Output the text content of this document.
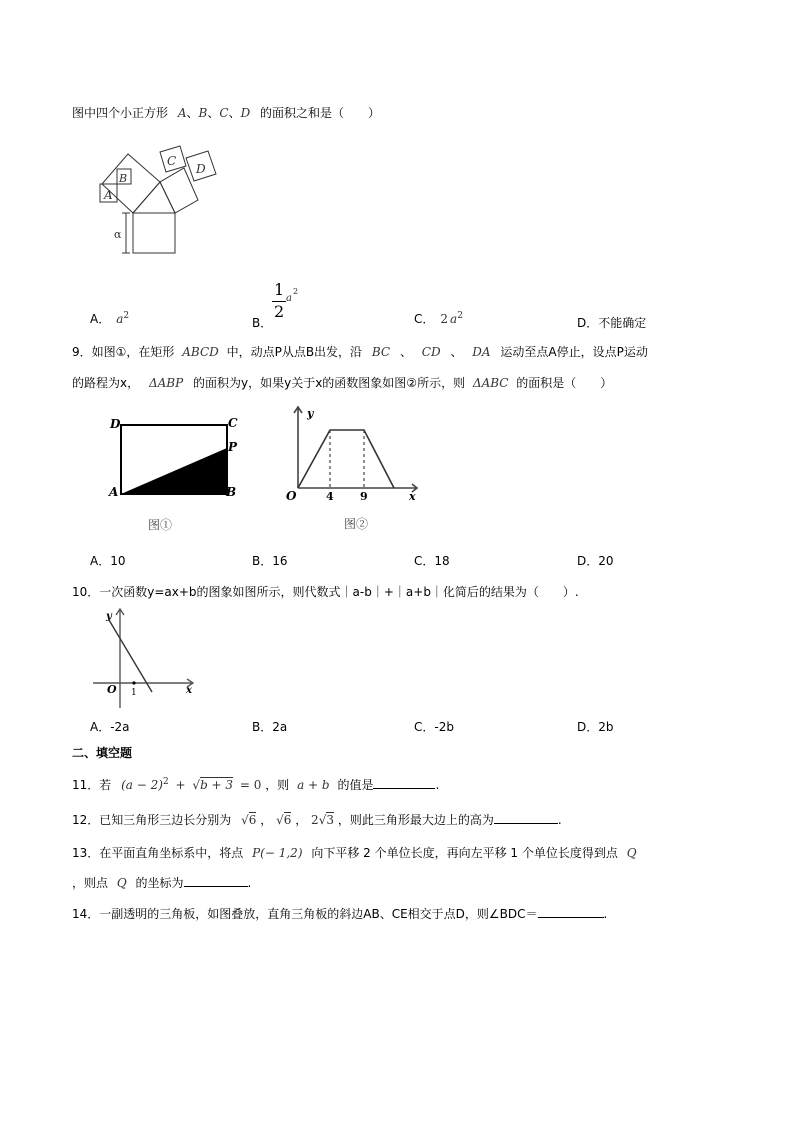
图中四个小正方形 A、B、C、D 的面积之和是（　　）
A
B
C
D
α
A． $a^2$	B．
1
2
a
2
C． 2 $a^2$	D．不能确定
9．如图①，在矩形 ABCD 中，动点P从点B出发，沿 BC 、 CD 、 DA 运动至点A停止，设点P运动
的路程为x， ΔABP 的面积为y，如果y关于x的函数图象如图②所示，则 ΔABC 的面积是（　　）
D	C
P
A	B
图①
y
O	4 9	x
图②
A．10	B．16	C．18	D．20
10．一次函数y=ax+b的图象如图所示，则代数式｜a-b｜+｜a+b｜化简后的结果为（　　）.
y
O 1	x
A．-2a	B．2a	C．-2b	D．2b
二、填空题
11．若 $(a - 2)^2 + √b + 3 = 0$ ，则 a + b 的值是	.
12．已知三角形三边长分别为 √6 ， √6 ， 2√3 ，则此三角形最大边上的高为	.
13．在平面直角坐标系中，将点 P(− 1,2) 向下平移 2 个单位长度，再向左平移 1 个单位长度得到点 Q
，则点 Q 的坐标为	.
14．一副透明的三角板，如图叠放，直角三角板的斜边AB、CE相交于点D，则∠BDC＝	.
